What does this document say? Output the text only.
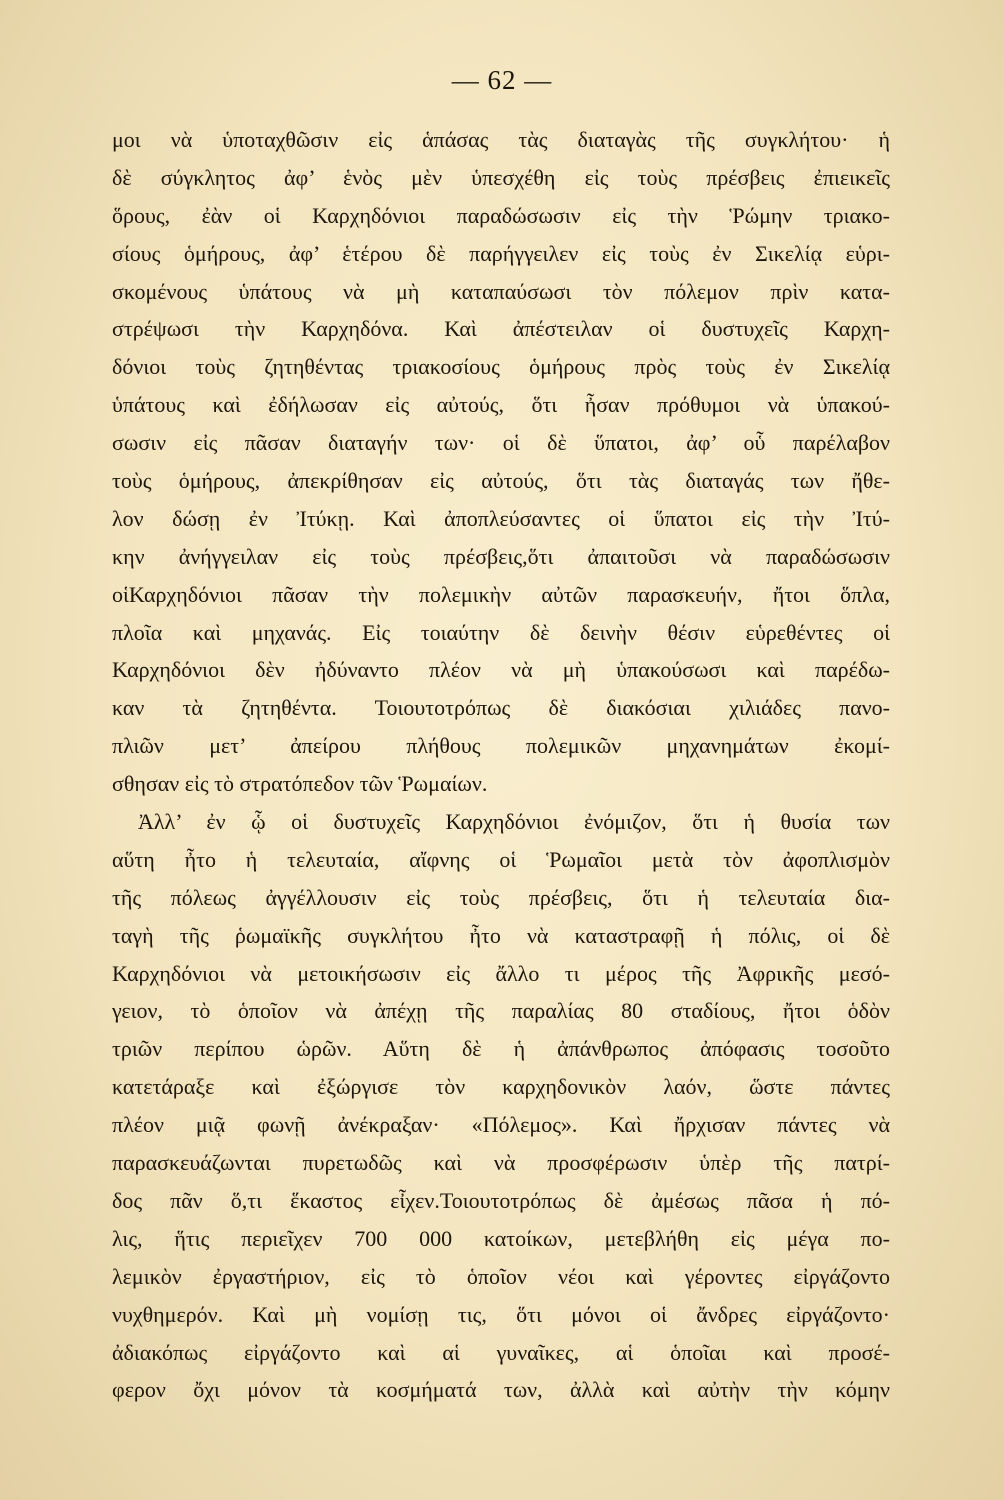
— 62 —
μοι νὰ ὑποταχθῶσιν εἰς ἁπάσας τὰς διαταγὰς τῆς συγκλήτου· ἡ
δὲ σύγκλητος ἀφ’ ἑνὸς μὲν ὑπεσχέθη εἰς τοὺς πρέσβεις ἐπιεικεῖς
ὅρους, ἐὰν οἱ Καρχηδόνιοι παραδώσωσιν εἰς τὴν Ῥώμην τριακο-
σίους ὁμήρους, ἀφ’ ἑτέρου δὲ παρήγγειλεν εἰς τοὺς ἐν Σικελίᾳ εὑρι-
σκομένους ὑπάτους νὰ μὴ καταπαύσωσι τὸν πόλεμον πρὶν κατα-
στρέψωσι τὴν Καρχηδόνα. Καὶ ἀπέστειλαν οἱ δυστυχεῖς Καρχη-
δόνιοι τοὺς ζητηθέντας τριακοσίους ὁμήρους πρὸς τοὺς ἐν Σικελίᾳ
ὑπάτους καὶ ἐδήλωσαν εἰς αὐτούς, ὅτι ἦσαν πρόθυμοι νὰ ὑπακού-
σωσιν εἰς πᾶσαν διαταγήν των· οἱ δὲ ὕπατοι, ἀφ’ οὗ παρέλαβον
τοὺς ὁμήρους, ἀπεκρίθησαν εἰς αὐτούς, ὅτι τὰς διαταγάς των ἤθε-
λον δώσῃ ἐν Ἰτύκῃ. Καὶ ἀποπλεύσαντες οἱ ὕπατοι εἰς τὴν Ἰτύ-
κην ἀνήγγειλαν εἰς τοὺς πρέσβεις,ὅτι ἀπαιτοῦσι νὰ παραδώσωσιν
οἱΚαρχηδόνιοι πᾶσαν τὴν πολεμικὴν αὐτῶν παρασκευήν, ἤτοι ὅπλα,
πλοῖα καὶ μηχανάς. Εἰς τοιαύτην δὲ δεινὴν θέσιν εὑρεθέντες οἱ
Καρχηδόνιοι δὲν ἠδύναντο πλέον νὰ μὴ ὑπακούσωσι καὶ παρέδω-
καν τὰ ζητηθέντα. Τοιουτοτρόπως δὲ διακόσιαι χιλιάδες πανο-
πλιῶν μετ’ ἀπείρου πλήθους πολεμικῶν μηχανημάτων ἐκομί-
σθησαν εἰς τὸ στρατόπεδον τῶν Ῥωμαίων.
Ἀλλ’ ἐν ᾧ οἱ δυστυχεῖς Καρχηδόνιοι ἐνόμιζον, ὅτι ἡ θυσία των
αὕτη ἦτο ἡ τελευταία, αἴφνης οἱ Ῥωμαῖοι μετὰ τὸν ἀφοπλισμὸν
τῆς πόλεως ἀγγέλλουσιν εἰς τοὺς πρέσβεις, ὅτι ἡ τελευταία δια-
ταγὴ τῆς ῥωμαϊκῆς συγκλήτου ἦτο νὰ καταστραφῇ ἡ πόλις, οἱ δὲ
Καρχηδόνιοι νὰ μετοικήσωσιν εἰς ἄλλο τι μέρος τῆς Ἀφρικῆς μεσό-
γειον, τὸ ὁποῖον νὰ ἀπέχῃ τῆς παραλίας 80 σταδίους, ἤτοι ὁδὸν
τριῶν περίπου ὡρῶν. Αὕτη δὲ ἡ ἀπάνθρωπος ἀπόφασις τοσοῦτο
κατετάραξε καὶ ἐξώργισε τὸν καρχηδονικὸν λαόν, ὥστε πάντες
πλέον μιᾷ φωνῇ ἀνέκραξαν· «Πόλεμος». Καὶ ἤρχισαν πάντες νὰ
παρασκευάζωνται πυρετωδῶς καὶ νὰ προσφέρωσιν ὑπὲρ τῆς πατρί-
δος πᾶν ὅ,τι ἕκαστος εἶχεν.Τοιουτοτρόπως δὲ ἀμέσως πᾶσα ἡ πό-
λις, ἥτις περιεῖχεν 700 000 κατοίκων, μετεβλήθη εἰς μέγα πο-
λεμικὸν ἐργαστήριον, εἰς τὸ ὁποῖον νέοι καὶ γέροντες εἰργάζοντο
νυχθημερόν. Καὶ μὴ νομίσῃ τις, ὅτι μόνοι οἱ ἄνδρες εἰργάζοντο·
ἀδιακόπως εἰργάζοντο καὶ αἱ γυναῖκες, αἱ ὁποῖαι καὶ προσέ-
φερον ὄχι μόνον τὰ κοσμήματά των, ἀλλὰ καὶ αὐτὴν τὴν κόμην
